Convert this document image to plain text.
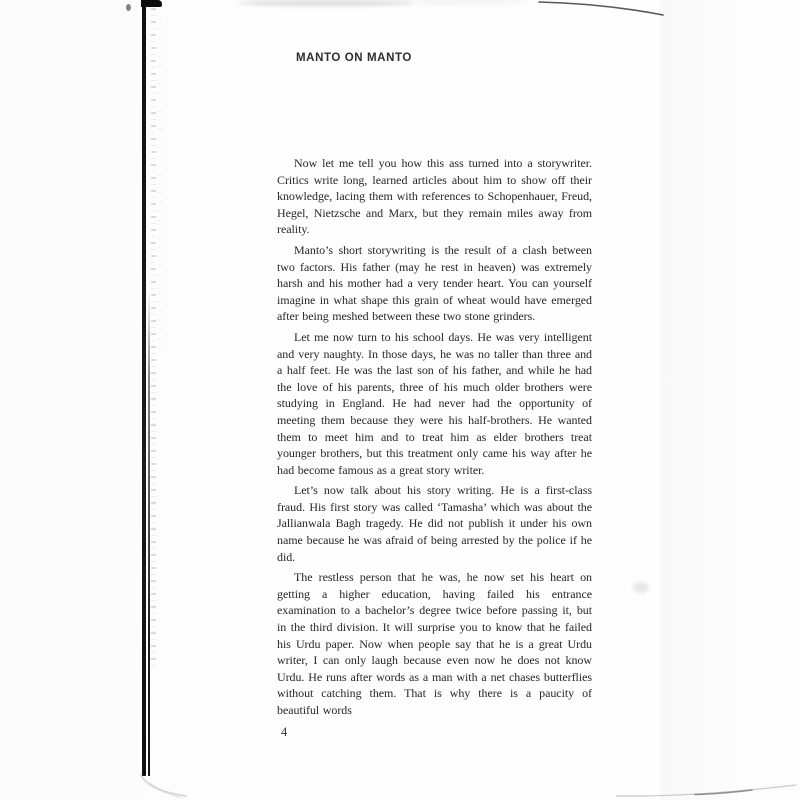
MANTO ON MANTO

Now let me tell you how this ass turned into a storywriter. Critics write long, learned articles about him to show off their knowledge, lacing them with references to Schopenhauer, Freud, Hegel, Nietzsche and Marx, but they remain miles away from reality.

Manto’s short storywriting is the result of a clash between two factors. His father (may he rest in heaven) was extremely harsh and his mother had a very tender heart. You can yourself imagine in what shape this grain of wheat would have emerged after being meshed between these two stone grinders.

Let me now turn to his school days. He was very intelligent and very naughty. In those days, he was no taller than three and a half feet. He was the last son of his father, and while he had the love of his parents, three of his much older brothers were studying in England. He had never had the opportunity of meeting them because they were his half-brothers. He wanted them to meet him and to treat him as elder brothers treat younger brothers, but this treatment only came his way after he had become famous as a great story writer.

Let’s now talk about his story writing. He is a first-class fraud. His first story was called ‘Tamasha’ which was about the Jallianwala Bagh tragedy. He did not publish it under his own name because he was afraid of being arrested by the police if he did.

The restless person that he was, he now set his heart on getting a higher education, having failed his entrance examination to a bachelor’s degree twice before passing it, but in the third division. It will surprise you to know that he failed his Urdu paper. Now when people say that he is a great Urdu writer, I can only laugh because even now he does not know Urdu. He runs after words as a man with a net chases butterflies without catching them. That is why there is a paucity of beautiful words

4
